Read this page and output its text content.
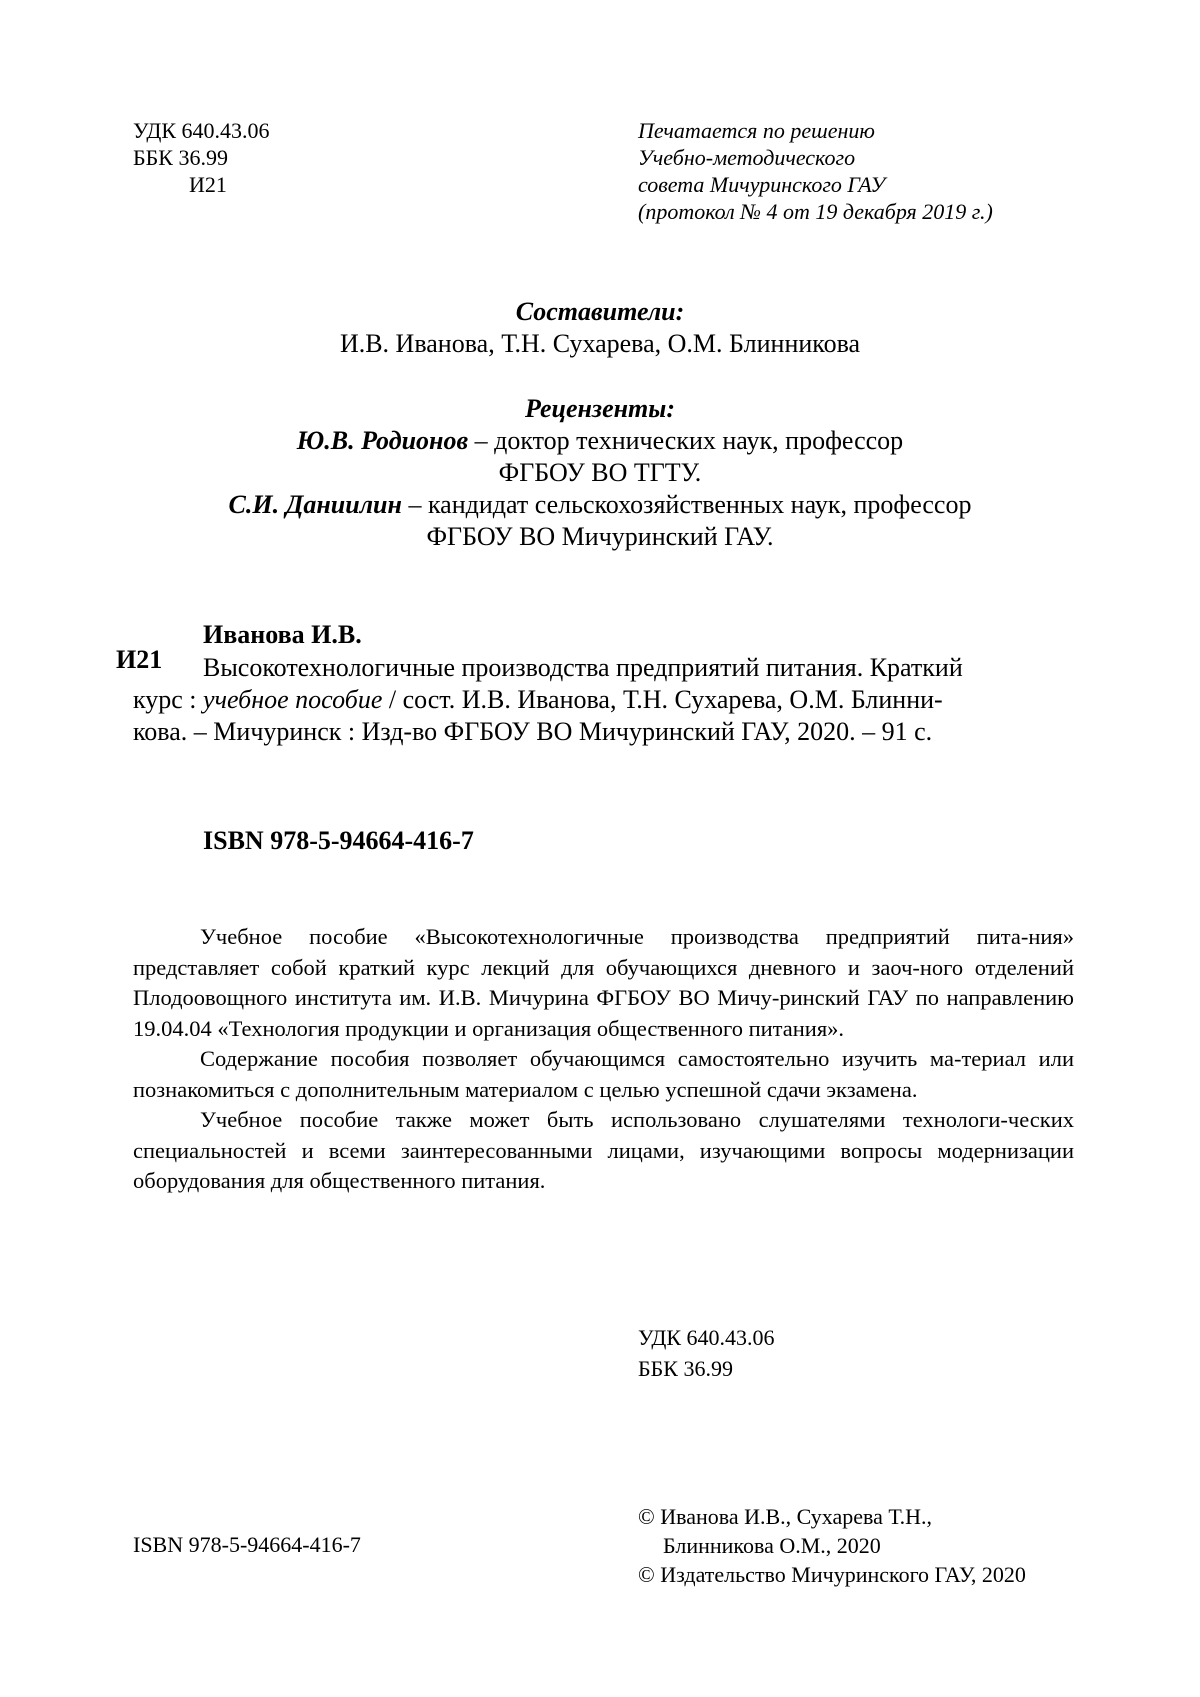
УДК 640.43.06
ББК 36.99
И21
Печатается по решению
Учебно-методического
совета Мичуринского ГАУ
(протокол № 4 от 19 декабря 2019 г.)
Составители:
И.В. Иванова, Т.Н. Сухарева, О.М. Блинникова
Рецензенты:
Ю.В. Родионов – доктор технических наук, профессор
ФГБОУ ВО ТГТУ.
С.И. Даниилин – кандидат сельскохозяйственных наук, профессор
ФГБОУ ВО Мичуринский ГАУ.
Иванова И.В.
И21 Высокотехнологичные производства предприятий питания. Краткий
курс : учебное пособие / сост. И.В. Иванова, Т.Н. Сухарева, О.М. Блинни-
кова. – Мичуринск : Изд-во ФГБОУ ВО Мичуринский ГАУ, 2020. – 91 с.
ISBN 978-5-94664-416-7

Учебное пособие «Высокотехнологичные производства предприятий пита-ния» представляет собой краткий курс лекций для обучающихся дневного и заоч-ного отделений Плодоовощного института им. И.В. Мичурина ФГБОУ ВО Мичу-ринский ГАУ по направлению 19.04.04 «Технология продукции и организация общественного питания».

Содержание пособия позволяет обучающимся самостоятельно изучить ма-териал или познакомиться с дополнительным материалом с целью успешной сдачи экзамена.

Учебное пособие также может быть использовано слушателями технологи-ческих специальностей и всеми заинтересованными лицами, изучающими вопросы модернизации оборудования для общественного питания.

УДК 640.43.06
ББК 36.99
ISBN 978-5-94664-416-7
© Иванова И.В., Сухарева Т.Н.,
Блинникова О.М., 2020
© Издательство Мичуринского ГАУ, 2020
